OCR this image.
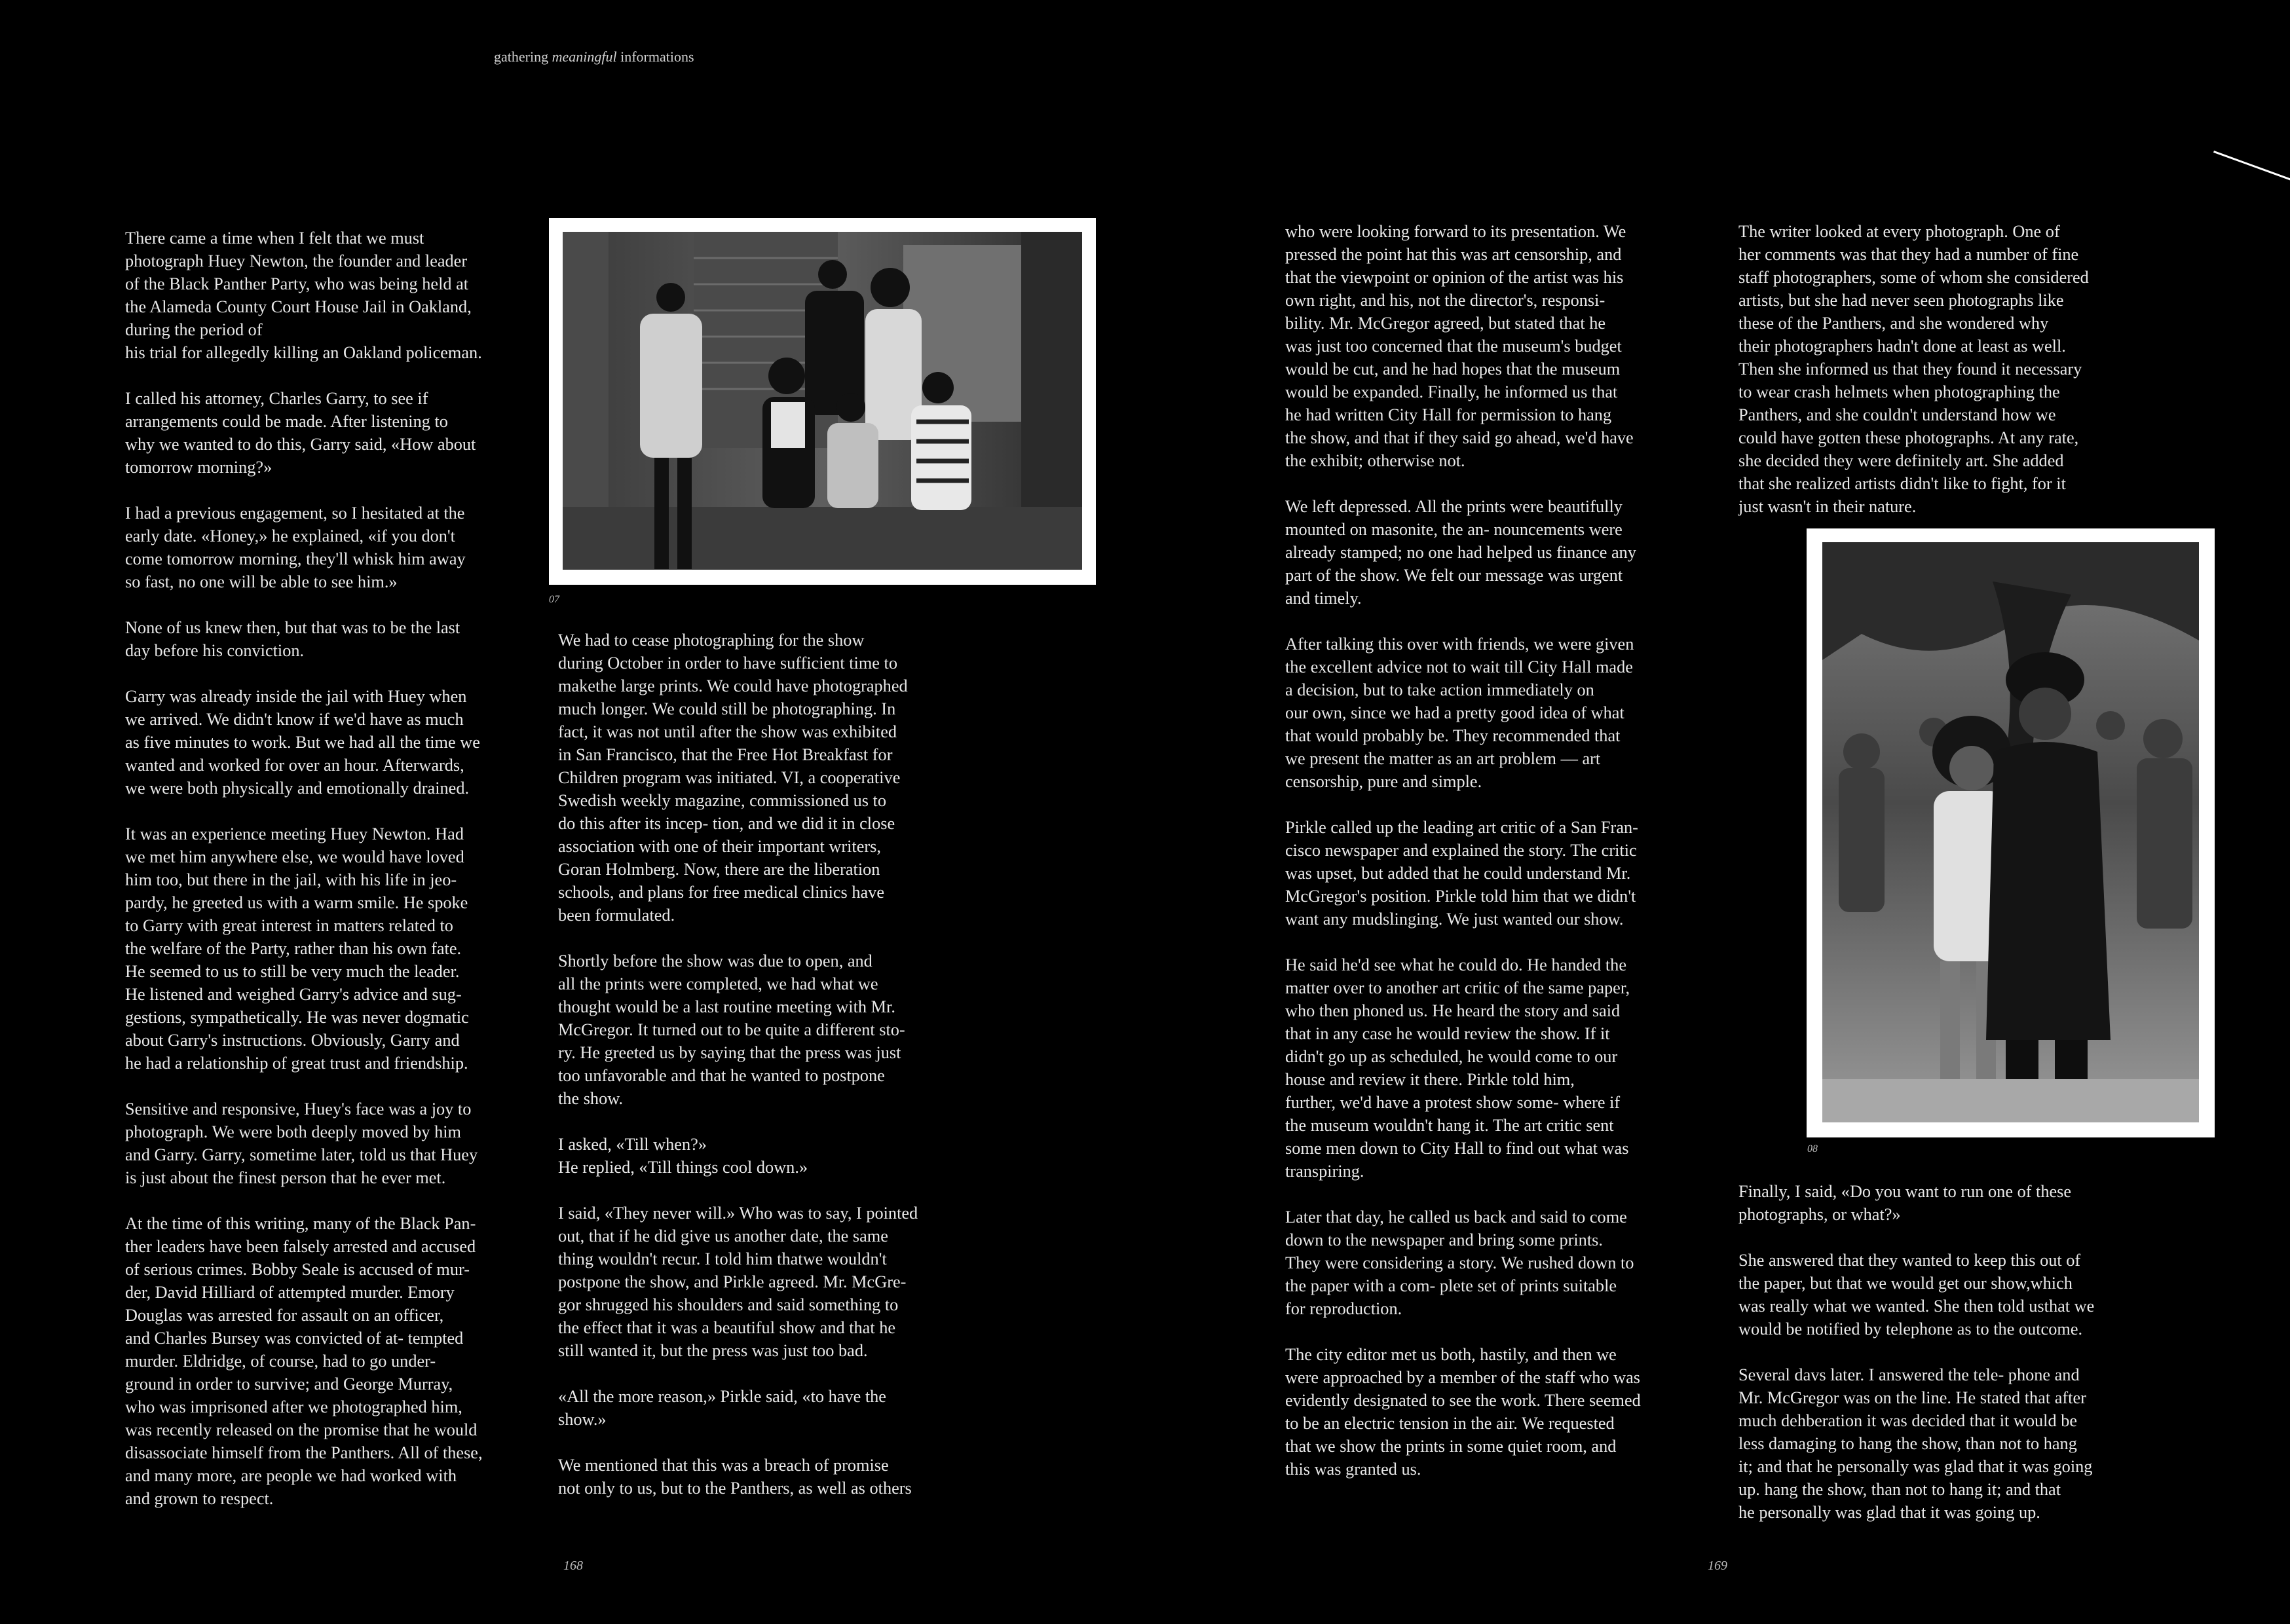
gathering meaningful informations

There came a time when I felt that we must
photograph Huey Newton, the founder and leader
of the Black Panther Party, who was being held at
the Alameda County Court House Jail in Oakland,
during the period of
his trial for allegedly killing an Oakland policeman.

I called his attorney, Charles Garry, to see if
arrangements could be made. After listening to
why we wanted to do this, Garry said, «How about
tomorrow morning?»

I had a previous engagement, so I hesitated at the
early date. «Honey,» he explained, «if you don't
come tomorrow morning, they'll whisk him away
so fast, no one will be able to see him.»

None of us knew then, but that was to be the last
day before his conviction.

Garry was already inside the jail with Huey when
we arrived. We didn't know if we'd have as much
as five minutes to work. But we had all the time we
wanted and worked for over an hour. Afterwards,
we were both physically and emotionally drained.

It was an experience meeting Huey Newton. Had
we met him anywhere else, we would have loved
him too, but there in the jail, with his life in jeo-
pardy, he greeted us with a warm smile. He spoke
to Garry with great interest in matters related to
the welfare of the Party, rather than his own fate.
He seemed to us to still be very much the leader.
He listened and weighed Garry's advice and sug-
gestions, sympathetically. He was never dogmatic
about Garry's instructions. Obviously, Garry and
he had a relationship of great trust and friendship.

Sensitive and responsive, Huey's face was a joy to
photograph. We were both deeply moved by him
and Garry. Garry, sometime later, told us that Huey
is just about the finest person that he ever met.

At the time of this writing, many of the Black Pan-
ther leaders have been falsely arrested and accused
of serious crimes. Bobby Seale is accused of mur-
der, David Hilliard of attempted murder. Emory
Douglas was arrested for assault on an officer,
and Charles Bursey was convicted of at- tempted
murder. Eldridge, of course, had to go under-
ground in order to survive; and George Murray,
who was imprisoned after we photographed him,
was recently released on the promise that he would
disassociate himself from the Panthers. All of these,
and many more, are people we had worked with
and grown to respect.

We had to cease photographing for the show
during October in order to have sufficient time to
makethe large prints. We could have photographed
much longer. We could still be photographing. In
fact, it was not until after the show was exhibited
in San Francisco, that the Free Hot Breakfast for
Children program was initiated. VI, a cooperative
Swedish weekly magazine, commissioned us to
do this after its incep- tion, and we did it in close
association with one of their important writers,
Goran Holmberg. Now, there are the liberation
schools, and plans for free medical clinics have
been formulated.

Shortly before the show was due to open, and
all the prints were completed, we had what we
thought would be a last routine meeting with Mr.
McGregor. It turned out to be quite a different sto-
ry. He greeted us by saying that the press was just
too unfavorable and that he wanted to postpone
the show.

I asked, «Till when?»
He replied, «Till things cool down.»

I said, «They never will.» Who was to say, I pointed
out, that if he did give us another date, the same
thing wouldn't recur. I told him thatwe wouldn't
postpone the show, and Pirkle agreed. Mr. McGre-
gor shrugged his shoulders and said something to
the effect that it was a beautiful show and that he
still wanted it, but the press was just too bad.

«All the more reason,» Pirkle said, «to have the
show.»

We mentioned that this was a breach of promise
not only to us, but to the Panthers, as well as others

who were looking forward to its presentation. We
pressed the point hat this was art censorship, and
that the viewpoint or opinion of the artist was his
own right, and his, not the director's, responsi-
bility. Mr. McGregor agreed, but stated that he
was just too concerned that the museum's budget
would be cut, and he had hopes that the museum
would be expanded. Finally, he informed us that
he had written City Hall for permission to hang
the show, and that if they said go ahead, we'd have
the exhibit; otherwise not.

We left depressed. All the prints were beautifully
mounted on masonite, the an- nouncements were
already stamped; no one had helped us finance any
part of the show. We felt our message was urgent
and timely.

After talking this over with friends, we were given
the excellent advice not to wait till City Hall made
a decision, but to take action immediately on
our own, since we had a pretty good idea of what
that would probably be. They recommended that
we present the matter as an art problem — art
censorship, pure and simple.

Pirkle called up the leading art critic of a San Fran-
cisco newspaper and explained the story. The critic
was upset, but added that he could understand Mr.
McGregor's position. Pirkle told him that we didn't
want any mudslinging. We just wanted our show.

He said he'd see what he could do. He handed the
matter over to another art critic of the same paper,
who then phoned us. He heard the story and said
that in any case he would review the show. If it
didn't go up as scheduled, he would come to our
house and review it there. Pirkle told him,
further, we'd have a protest show some- where if
the museum wouldn't hang it. The art critic sent
some men down to City Hall to find out what was
transpiring.

Later that day, he called us back and said to come
down to the newspaper and bring some prints.
They were considering a story. We rushed down to
the paper with a com- plete set of prints suitable
for reproduction.

The city editor met us both, hastily, and then we
were approached by a member of the staff who was
evidently designated to see the work. There seemed
to be an electric tension in the air. We requested
that we show the prints in some quiet room, and
this was granted us.

The writer looked at every photograph. One of
her comments was that they had a number of fine
staff photographers, some of whom she considered
artists, but she had never seen photographs like
these of the Panthers, and she wondered why
their photographers hadn't done at least as well.
Then she informed us that they found it necessary
to wear crash helmets when photographing the
Panthers, and she couldn't understand how we
could have gotten these photographs. At any rate,
she decided they were definitely art. She added
that she realized artists didn't like to fight, for it
just wasn't in their nature.

Finally, I said, «Do you want to run one of these
photographs, or what?»

She answered that they wanted to keep this out of
the paper, but that we would get our show,which
was really what we wanted. She then told usthat we
would be notified by telephone as to the outcome.

Several davs later. I answered the tele- phone and
Mr. McGregor was on the line. He stated that after
much dehberation it was decided that it would be
less damaging to hang the show, than not to hang
it; and that he personally was glad that it was going
up. hang the show, than not to hang it; and that
he personally was glad that it was going up.

07
08
168	169
